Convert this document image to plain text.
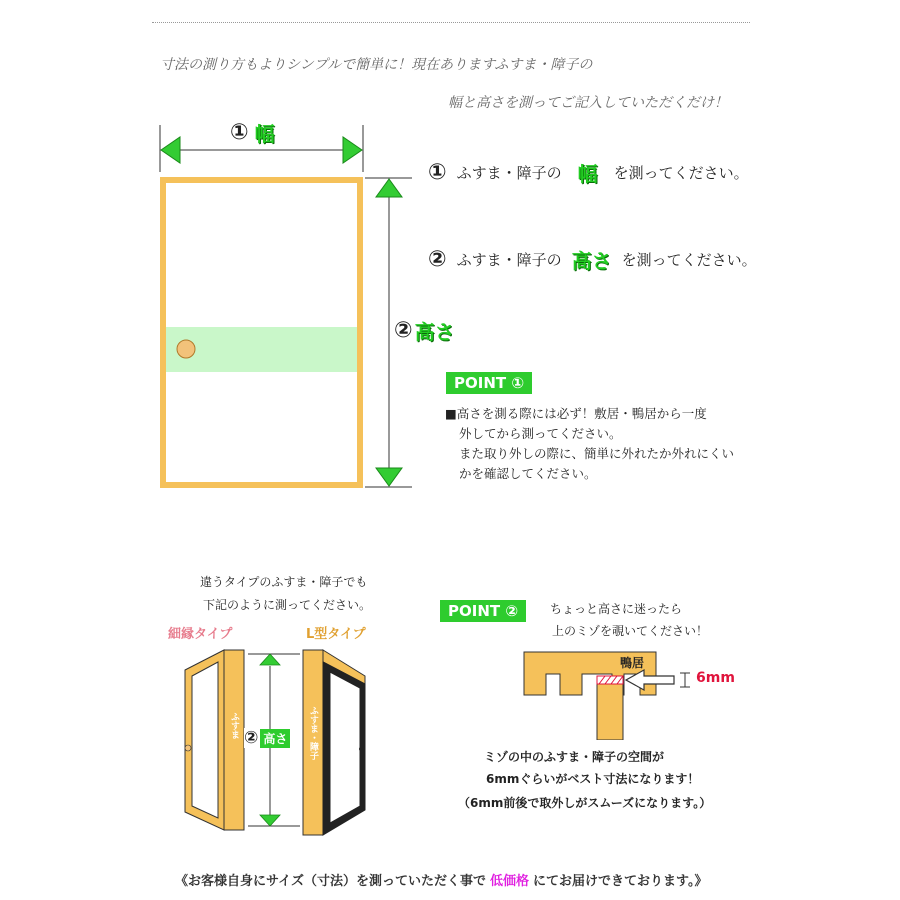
寸法の測り方もよりシンプルで簡単に！現在ありますふすま・障子の
幅と高さを測ってご記入していただくだけ！
① 幅
② 高さ
① ふすま・障子の 幅 を測ってください。
② ふすま・障子の 高さ を測ってください。
POINT ①
■高さを測る際には必ず！敷居・鴨居から一度
外してから測ってください。
また取り外しの際に、簡単に外れたか外れにくい
かを確認してください。
違うタイプのふすま・障子でも
下記のように測ってください。
細縁タイプ	L型タイプ
ふすま	ふすま・障子
② 高さ
POINT ②	ちょっと高さに迷ったら
上のミゾを覗いてください！
鴨居
6mm
ミゾの中のふすま・障子の空間が
6mmぐらいがベスト寸法になります！
（6mm前後で取外しがスムーズになります。）
《お客様自身にサイズ（寸法）を測っていただく事で 低価格 にてお届けできております。》
